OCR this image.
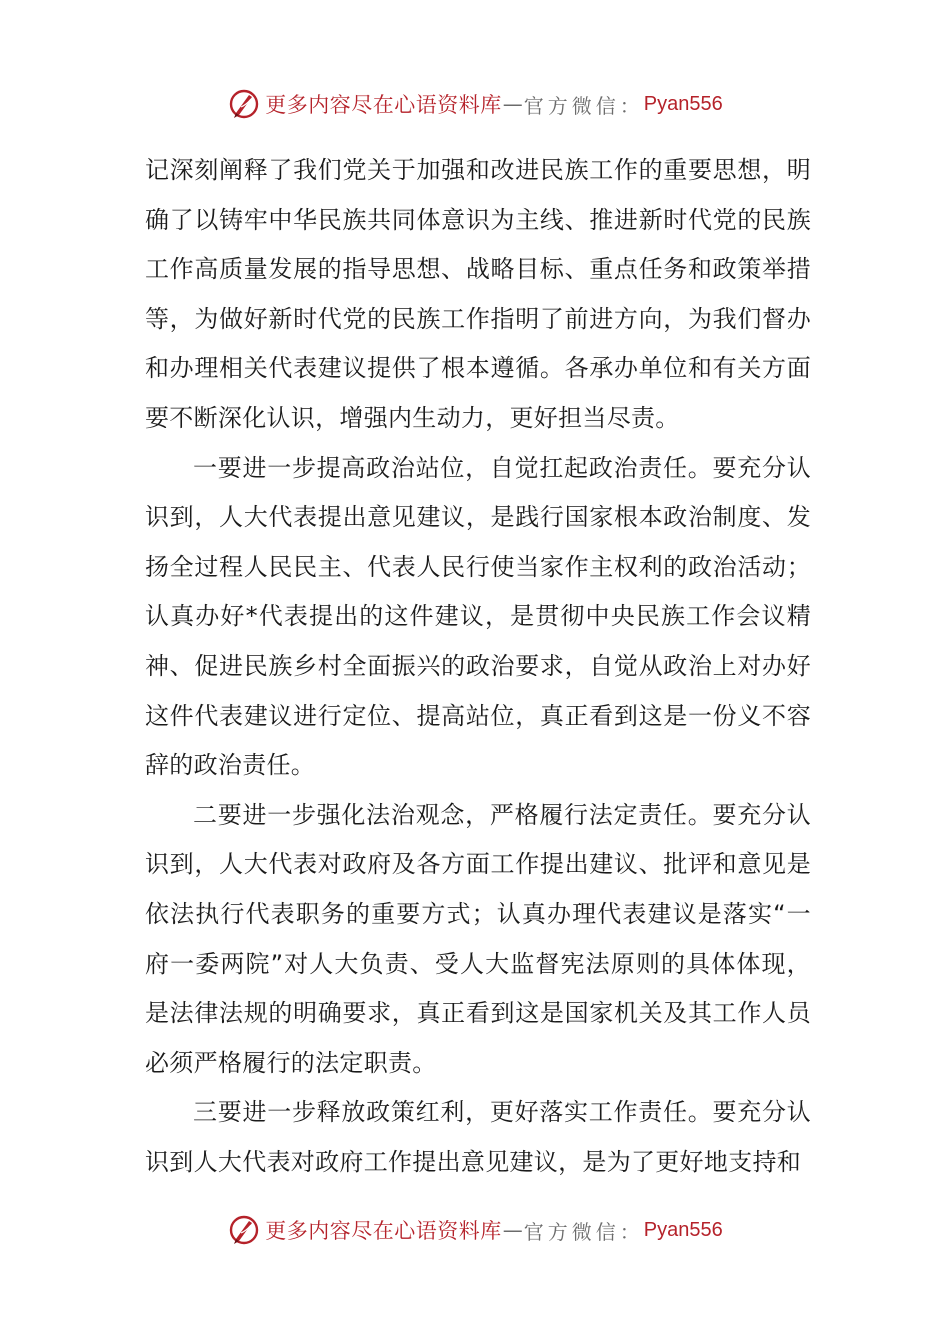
更多内容尽在心语资料库 — 官方微信： Pyan556

记深刻阐释了我们党关于加强和改进民族工作的重要思想，明确了以铸牢中华民族共同体意识为主线、推进新时代党的民族工作高质量发展的指导思想、战略目标、重点任务和政策举措等，为做好新时代党的民族工作指明了前进方向，为我们督办和办理相关代表建议提供了根本遵循。各承办单位和有关方面要不断深化认识，增强内生动力，更好担当尽责。

一要进一步提高政治站位，自觉扛起政治责任。要充分认识到，人大代表提出意见建议，是践行国家根本政治制度、发扬全过程人民民主、代表人民行使当家作主权利的政治活动；认真办好*代表提出的这件建议，是贯彻中央民族工作会议精神、促进民族乡村全面振兴的政治要求，自觉从政治上对办好这件代表建议进行定位、提高站位，真正看到这是一份义不容辞的政治责任。

二要进一步强化法治观念，严格履行法定责任。要充分认识到，人大代表对政府及各方面工作提出建议、批评和意见是依法执行代表职务的重要方式；认真办理代表建议是落实“一府一委两院”对人大负责、受人大监督宪法原则的具体体现，是法律法规的明确要求，真正看到这是国家机关及其工作人员必须严格履行的法定职责。

三要进一步释放政策红利，更好落实工作责任。要充分认识到人大代表对政府工作提出意见建议，是为了更好地支持和

更多内容尽在心语资料库 — 官方微信： Pyan556
